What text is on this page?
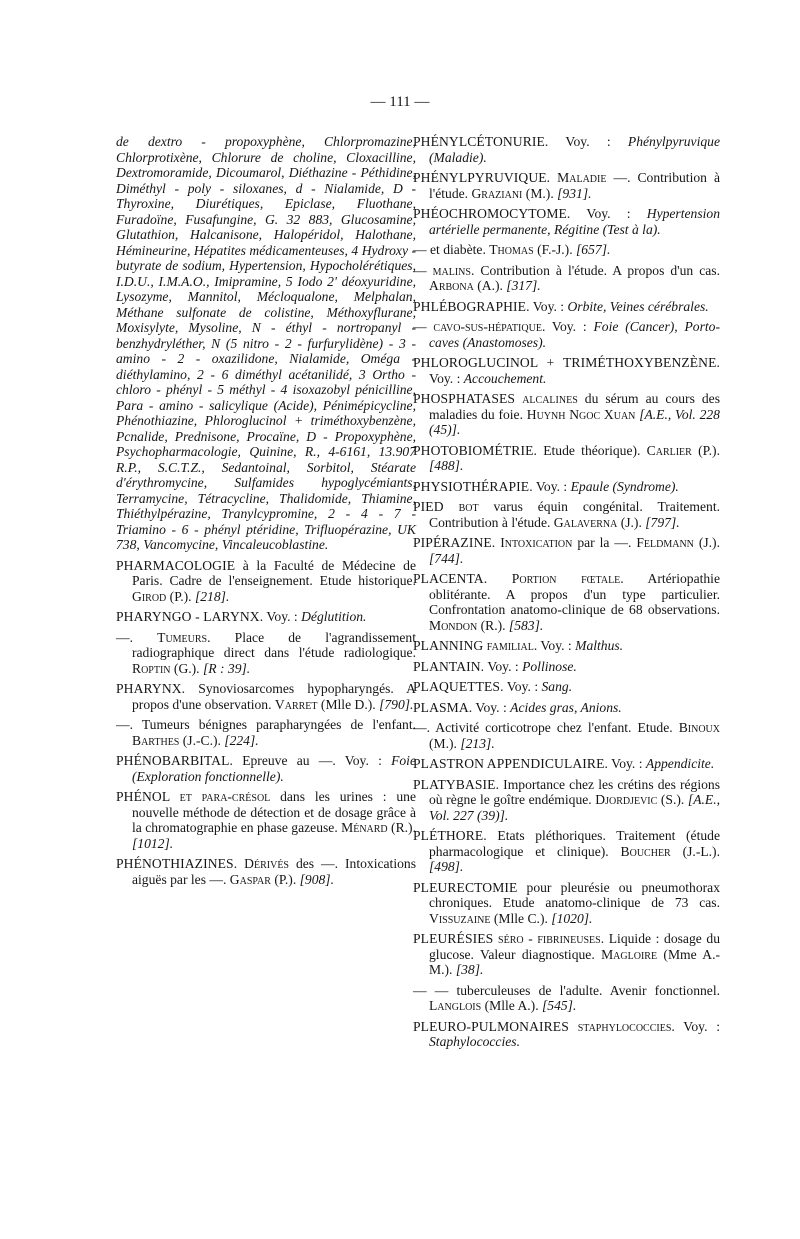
— 111 —

de dextro - propoxyphène, Chlorpromazine, Chlorprotixène, Chlorure de choline, Cloxacilline, Dextromoramide, Dicoumarol, Diéthazine - Péthidine, Diméthyl - poly - siloxanes, d - Nialamide, D - Thyroxine, Diurétiques, Epiclase, Fluothane, Furadoïne, Fusafungine, G. 32 883, Glucosamine, Glutathion, Halcanisone, Halopéridol, Halothane, Hémineurine, Hépatites médicamenteuses, 4 Hydroxy - butyrate de sodium, Hypertension, Hypocholérétiques, I.D.U., I.M.A.O., Imipramine, 5 Iodo 2' déoxyuridine, Lysozyme, Mannitol, Mécloqualone, Melphalan, Méthane sulfonate de colistine, Méthoxyflurane, Moxisylyte, Mysoline, N - éthyl - nortropanyl - benzhydryléther, N (5 nitro - 2 - furfurylidène) - 3 - amino - 2 - oxazilidone, Nialamide, Oméga - diéthylamino, 2 - 6 diméthyl acétanilidé, 3 Ortho - chloro - phényl - 5 méthyl - 4 isoxazobyl pénicilline, Para - amino - salicylique (Acide), Pénimépicycline, Phénothiazine, Phloroglucinol + triméthoxybenzène, Pcnalide, Prednisone, Procaïne, D - Propoxyphène, Psychopharmacologie, Quinine, R., 4-6161, 13.907 R.P., S.C.T.Z., Sedantoinal, Sorbitol, Stéarate d'érythromycine, Sulfamides hypoglycémiants, Terramycine, Tétracycline, Thalidomide, Thiamine, Thiéthylpérazine, Tranylcypromine, 2 - 4 - 7 - Triamino - 6 - phényl ptéridine, Trifluopérazine, UK 738, Vancomycine, Vincaleucoblastine.

PHARMACOLOGIE à la Faculté de Médecine de Paris. Cadre de l'enseignement. Etude historique. Girod (P.). [218].

PHARYNGO - LARYNX. Voy. : Déglutition.

—. Tumeurs. Place de l'agrandissement radiographique direct dans l'étude radiologique. Roptin (G.). [R : 39].

PHARYNX. Synoviosarcomes hypopharyngés. A propos d'une observation. Varret (Mlle D.). [790].

—. Tumeurs bénignes parapharyngées de l'enfant. Barthes (J.-C.). [224].

PHÉNOBARBITAL. Epreuve au —. Voy. : Foie (Exploration fonctionnelle).

PHÉNOL et para-crésol dans les urines : une nouvelle méthode de détection et de dosage grâce à la chromatographie en phase gazeuse. Ménard (R.). [1012].

PHÉNOTHIAZINES. Dérivés des —. Intoxications aiguës par les —. Gaspar (P.). [908].

PHÉNYLCÉTONURIE. Voy. : Phénylpyruvique (Maladie).

PHÉNYLPYRUVIQUE. Maladie —. Contribution à l'étude. Graziani (M.). [931].

PHÉOCHROMOCYTOME. Voy. : Hypertension artérielle permanente, Régitine (Test à la).

— et diabète. Thomas (F.-J.). [657].

— malins. Contribution à l'étude. A propos d'un cas. Arbona (A.). [317].

PHLÉBOGRAPHIE. Voy. : Orbite, Veines cérébrales.

— cavo-sus-hépatique. Voy. : Foie (Cancer), Porto-caves (Anastomoses).

PHLOROGLUCINOL + TRIMÉTHOXYBENZÈNE. Voy. : Accouchement.

PHOSPHATASES alcalines du sérum au cours des maladies du foie. Huynh Ngoc Xuan [A.E., Vol. 228 (45)].

PHOTOBIOMÉTRIE. Etude théorique). Carlier (P.). [488].

PHYSIOTHÉRAPIE. Voy. : Epaule (Syndrome).

PIED bot varus équin congénital. Traitement. Contribution à l'étude. Galaverna (J.). [797].

PIPÉRAZINE. Intoxication par la —. Feldmann (J.). [744].

PLACENTA. Portion fœtale. Artériopathie oblitérante. A propos d'un type particulier. Confrontation anatomo-clinique de 68 observations. Mondon (R.). [583].

PLANNING familial. Voy. : Malthus.

PLANTAIN. Voy. : Pollinose.

PLAQUETTES. Voy. : Sang.

PLASMA. Voy. : Acides gras, Anions.

—. Activité corticotrope chez l'enfant. Etude. Binoux (M.). [213].

PLASTRON APPENDICULAIRE. Voy. : Appendicite.

PLATYBASIE. Importance chez les crétins des régions où règne le goître endémique. Djordjevic (S.). [A.E., Vol. 227 (39)].

PLÉTHORE. Etats pléthoriques. Traitement (étude pharmacologique et clinique). Boucher (J.-L.). [498].

PLEURECTOMIE pour pleurésie ou pneumothorax chroniques. Etude anatomo-clinique de 73 cas. Vissuzaine (Mlle C.). [1020].

PLEURÉSIES séro - fibrineuses. Liquide : dosage du glucose. Valeur diagnostique. Magloire (Mme A.-M.). [38].

— — tuberculeuses de l'adulte. Avenir fonctionnel. Langlois (Mlle A.). [545].

PLEURO-PULMONAIRES staphylococcies. Voy. : Staphylococcies.
